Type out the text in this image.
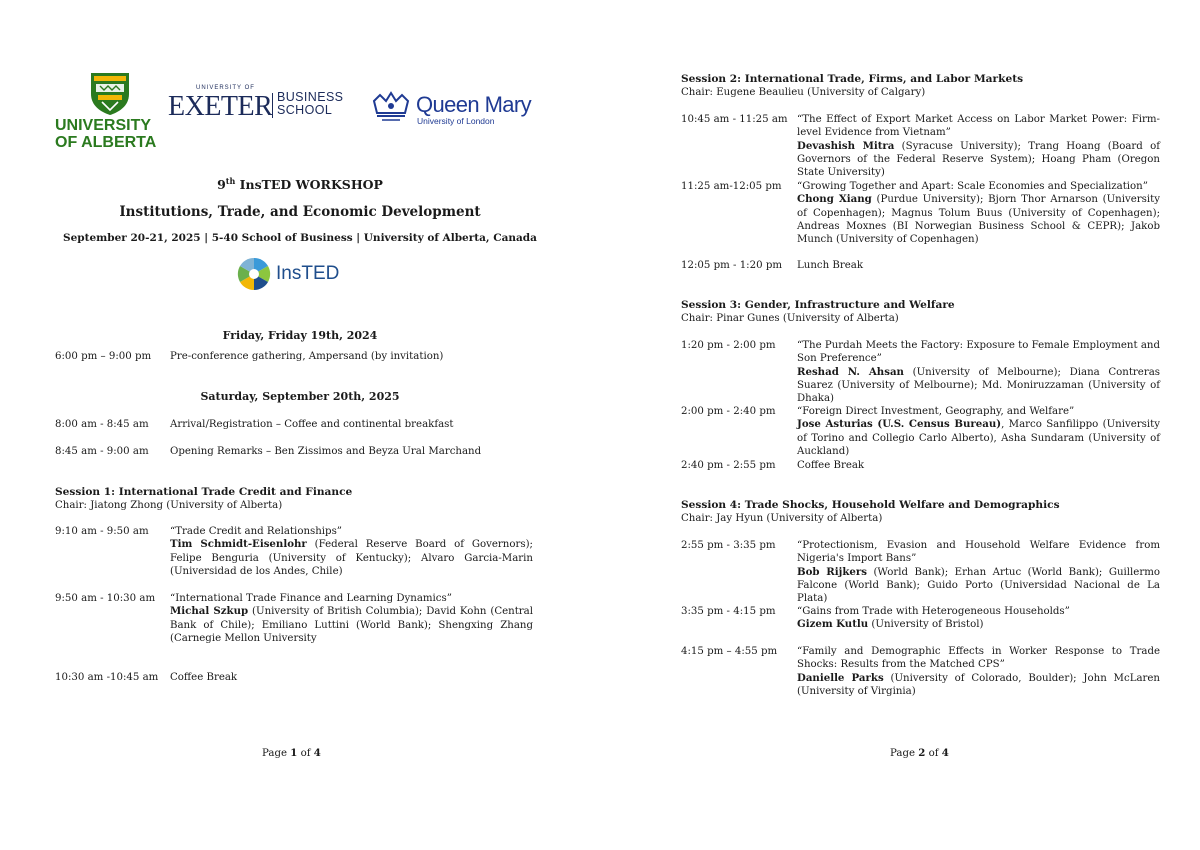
UNIVERSITY
OF ALBERTA
UNIVERSITY OF
EXETER BUSINESS
SCHOOL	Queen Mary
University of London
9th InsTED WORKSHOP
Institutions, Trade, and Economic Development
September 20-21, 2025 | 5-40 School of Business | University of Alberta, Canada
InsTED
Friday, Friday 19th, 2024
6:00 pm – 9:00 pm Pre-conference gathering, Ampersand (by invitation)
Saturday, September 20th, 2025
8:00 am - 8:45 am Arrival/Registration – Coffee and continental breakfast
8:45 am - 9:00 am Opening Remarks – Ben Zissimos and Beyza Ural Marchand
Session 1: International Trade Credit and Finance
Chair: Jiatong Zhong (University of Alberta)
9:10 am - 9:50 am “Trade Credit and Relationships”
Tim Schmidt-Eisenlohr (Federal Reserve Board of Governors); Felipe Benguria (University of Kentucky); Alvaro Garcia-Marin (Universidad de los Andes, Chile)
9:50 am - 10:30 am “International Trade Finance and Learning Dynamics”
Michal Szkup (University of British Columbia); David Kohn (Central Bank of Chile); Emiliano Luttini (World Bank); Shengxing Zhang (Carnegie Mellon University
10:30 am -10:45 am Coffee Break
Page 1 of 4
Session 2: International Trade, Firms, and Labor Markets
Chair: Eugene Beaulieu (University of Calgary)
10:45 am - 11:25 am “The Effect of Export Market Access on Labor Market Power: Firm-level Evidence from Vietnam”
Devashish Mitra (Syracuse University); Trang Hoang (Board of Governors of the Federal Reserve System); Hoang Pham (Oregon State University)
11:25 am-12:05 pm “Growing Together and Apart: Scale Economies and Specialization”
Chong Xiang (Purdue University); Bjorn Thor Arnarson (University of Copenhagen); Magnus Tolum Buus (University of Copenhagen); Andreas Moxnes (BI Norwegian Business School & CEPR); Jakob Munch (University of Copenhagen)
12:05 pm - 1:20 pm Lunch Break
Session 3: Gender, Infrastructure and Welfare
Chair: Pinar Gunes (University of Alberta)
1:20 pm - 2:00 pm “The Purdah Meets the Factory: Exposure to Female Employment and Son Preference”
Reshad N. Ahsan (University of Melbourne); Diana Contreras Suarez (University of Melbourne); Md. Moniruzzaman (University of Dhaka)
2:00 pm - 2:40 pm “Foreign Direct Investment, Geography, and Welfare”
Jose Asturias (U.S. Census Bureau), Marco Sanfilippo (University of Torino and Collegio Carlo Alberto), Asha Sundaram (University of Auckland)
2:40 pm - 2:55 pm Coffee Break
Session 4: Trade Shocks, Household Welfare and Demographics
Chair: Jay Hyun (University of Alberta)
2:55 pm - 3:35 pm “Protectionism, Evasion and Household Welfare Evidence from Nigeria's Import Bans”
Bob Rijkers (World Bank); Erhan Artuc (World Bank); Guillermo Falcone (World Bank); Guido Porto (Universidad Nacional de La Plata)
3:35 pm - 4:15 pm “Gains from Trade with Heterogeneous Households”
Gizem Kutlu (University of Bristol)
4:15 pm – 4:55 pm “Family and Demographic Effects in Worker Response to Trade Shocks: Results from the Matched CPS”
Danielle Parks (University of Colorado, Boulder); John McLaren (University of Virginia)
Page 2 of 4
